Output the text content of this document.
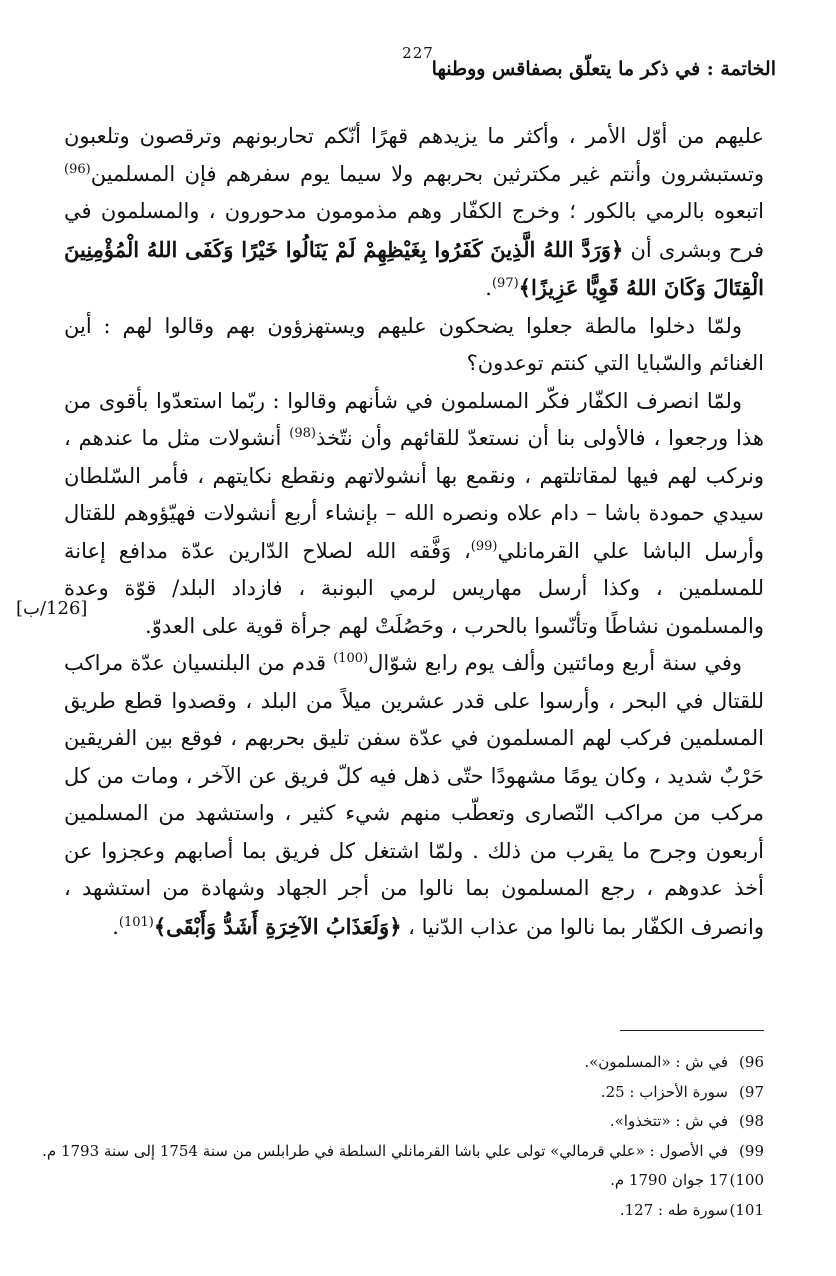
227
الخاتمة : في ذكر ما يتعلّق بصفاقس ووطنها
[126/ب]

عليهم من أوّل الأمر ، وأكثر ما يزيدهم قهرًا أنّكم تحاربونهم وترقصون وتلعبون وتستبشرون وأنتم غير مكترثين بحربهم ولا سيما يوم سفرهم فإن المسلمين$^{(96)}$ اتبعوه بالرمي بالكور ؛ وخرج الكفّار وهم مذمومون مدحورون ، والمسلمون في فرح وبشرى أن ﴿وَرَدَّ اللهُ الَّذِينَ كَفَرُوا بِغَيْظِهِمْ لَمْ يَنَالُوا خَيْرًا وَكَفَى اللهُ الْمُؤْمِنِينَ الْقِتَالَ وَكَانَ اللهُ قَوِيًّا عَزِيزًا﴾$^{(97)}$.

ولمّا دخلوا مالطة جعلوا يضحكون عليهم ويستهزؤون بهم وقالوا لهم : أين الغنائم والسّبايا التي كنتم توعدون؟

ولمّا انصرف الكفّار فكّر المسلمون في شأنهم وقالوا : ربّما استعدّوا بأقوى من هذا ورجعوا ، فالأولى بنا أن نستعدّ للقائهم وأن نتّخذ$^{(98)}$ أنشولات مثل ما عندهم ، ونركب لهم فيها لمقاتلتهم ، ونقمع بها أنشولاتهم ونقطع نكايتهم ، فأمر السّلطان سيدي حمودة باشا – دام علاه ونصره الله – بإنشاء أربع أنشولات فهيّؤوهم للقتال وأرسل الباشا علي القرمانلي$^{(99)}$، وَفَّقه الله لصلاح الدّارين عدّة مدافع إعانة للمسلمين ، وكذا أرسل مهاريس لرمي البونبة ، فازداد البلد/ قوّة وعدة والمسلمون نشاطًا وتأنّسوا بالحرب ، وحَصُلَتْ لهم جرأة قوية على العدوّ.

وفي سنة أربع ومائتين وألف يوم رابع شوّال$^{(100)}$ قدم من البلنسيان عدّة مراكب للقتال في البحر ، وأرسوا على قدر عشرين ميلاً من البلد ، وقصدوا قطع طريق المسلمين فركب لهم المسلمون في عدّة سفن تليق بحربهم ، فوقع بين الفريقين حَرْبٌ شديد ، وكان يومًا مشهودًا حتّى ذهل فيه كلّ فريق عن الآخر ، ومات من كل مركب من مراكب النّصارى وتعطّب منهم شيء كثير ، واستشهد من المسلمين أربعون وجرح ما يقرب من ذلك . ولمّا اشتغل كل فريق بما أصابهم وعجزوا عن أخذ عدوهم ، رجع المسلمون بما نالوا من أجر الجهاد وشهادة من استشهد ، وانصرف الكفّار بما نالوا من عذاب الدّنيا ، ﴿وَلَعَذَابُ الآخِرَةِ أَشَدُّ وَأَبْقَى﴾$^{(101)}$.

96)في ش : «المسلمون».
97)سورة الأحزاب : 25.
98)في ش : «تتخذوا».
99)في الأصول : «علي قرمالي» تولى علي باشا القرمانلي السلطة في طرابلس من سنة 1754 إلى سنة 1793 م.
100)17 جوان 1790 م.
101)سورة طه : 127.
